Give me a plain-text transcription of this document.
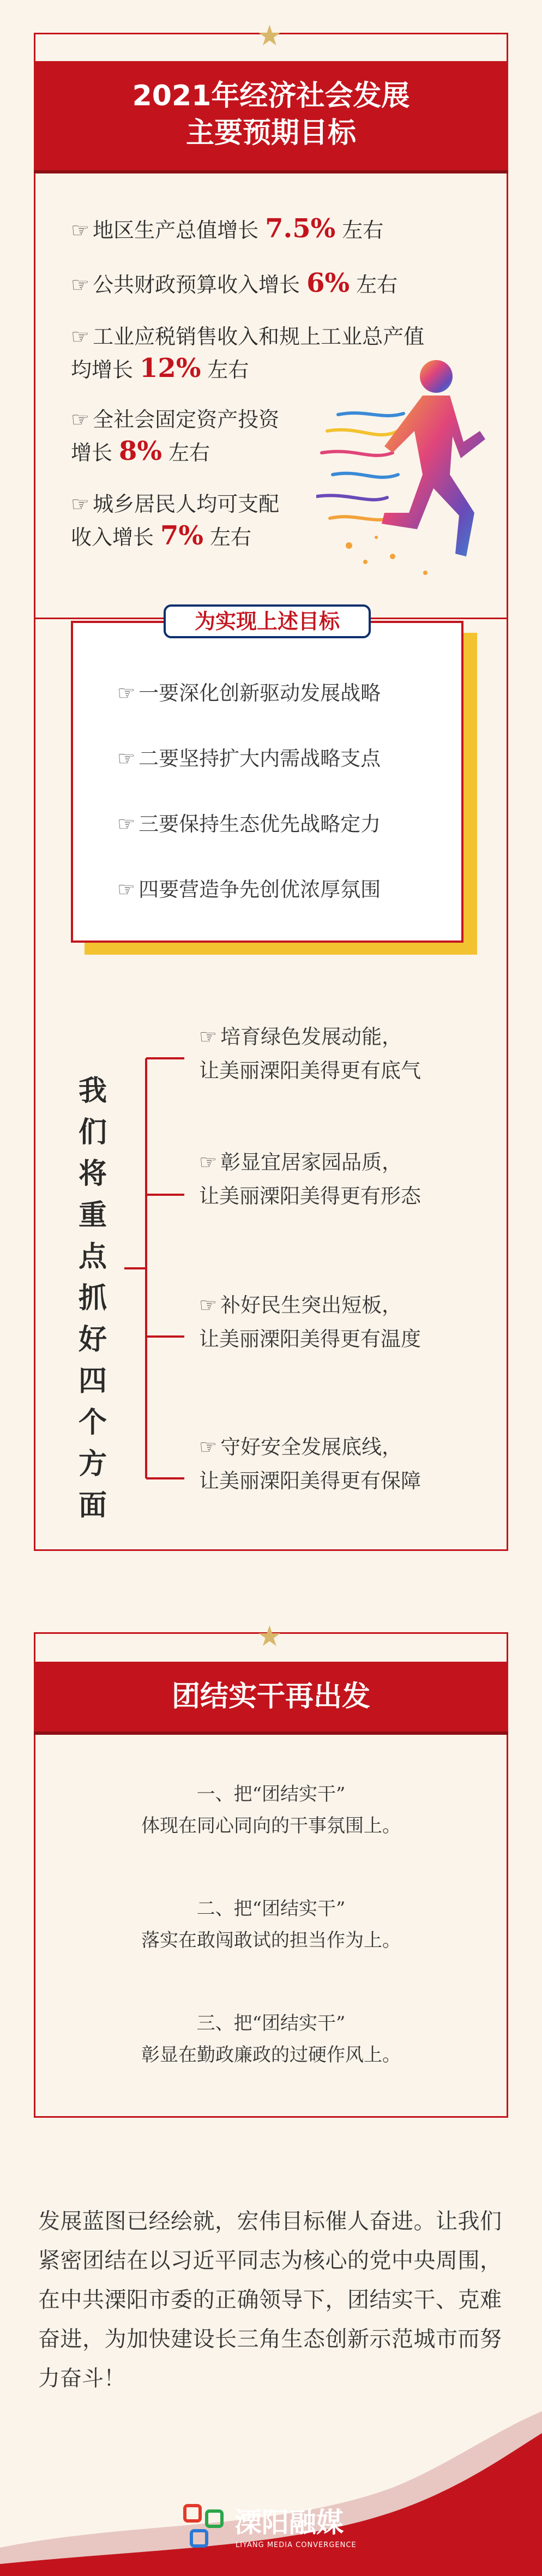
★
2021年经济社会发展
主要预期目标
☞ 地区生产总值增长 7.5% 左右
☞ 公共财政预算收入增长 6% 左右
☞ 工业应税销售收入和规上工业总产值
均增长 12% 左右
☞ 全社会固定资产投资
增长 8% 左右
☞ 城乡居民人均可支配
收入增长 7% 左右
为实现上述目标
☞ 一要深化创新驱动发展战略
☞ 二要坚持扩大内需战略支点
☞ 三要保持生态优先战略定力
☞ 四要营造争先创优浓厚氛围
我们将重点抓好四个方面
☞ 培育绿色发展动能，
让美丽溧阳美得更有底气
☞ 彰显宜居家园品质，
让美丽溧阳美得更有形态
☞ 补好民生突出短板，
让美丽溧阳美得更有温度
☞ 守好安全发展底线，
让美丽溧阳美得更有保障
★
团结实干再出发
一、把“团结实干”
体现在同心同向的干事氛围上。
二、把“团结实干”
落实在敢闯敢试的担当作为上。
三、把“团结实干”
彰显在勤政廉政的过硬作风上。
发展蓝图已经绘就，宏伟目标催人奋进。让我们紧密团结在以习近平同志为核心的党中央周围，在中共溧阳市委的正确领导下，团结实干、克难奋进，为加快建设长三角生态创新示范城市而努力奋斗！
溧阳融媒
LIYANG MEDIA CONVERGENCE
